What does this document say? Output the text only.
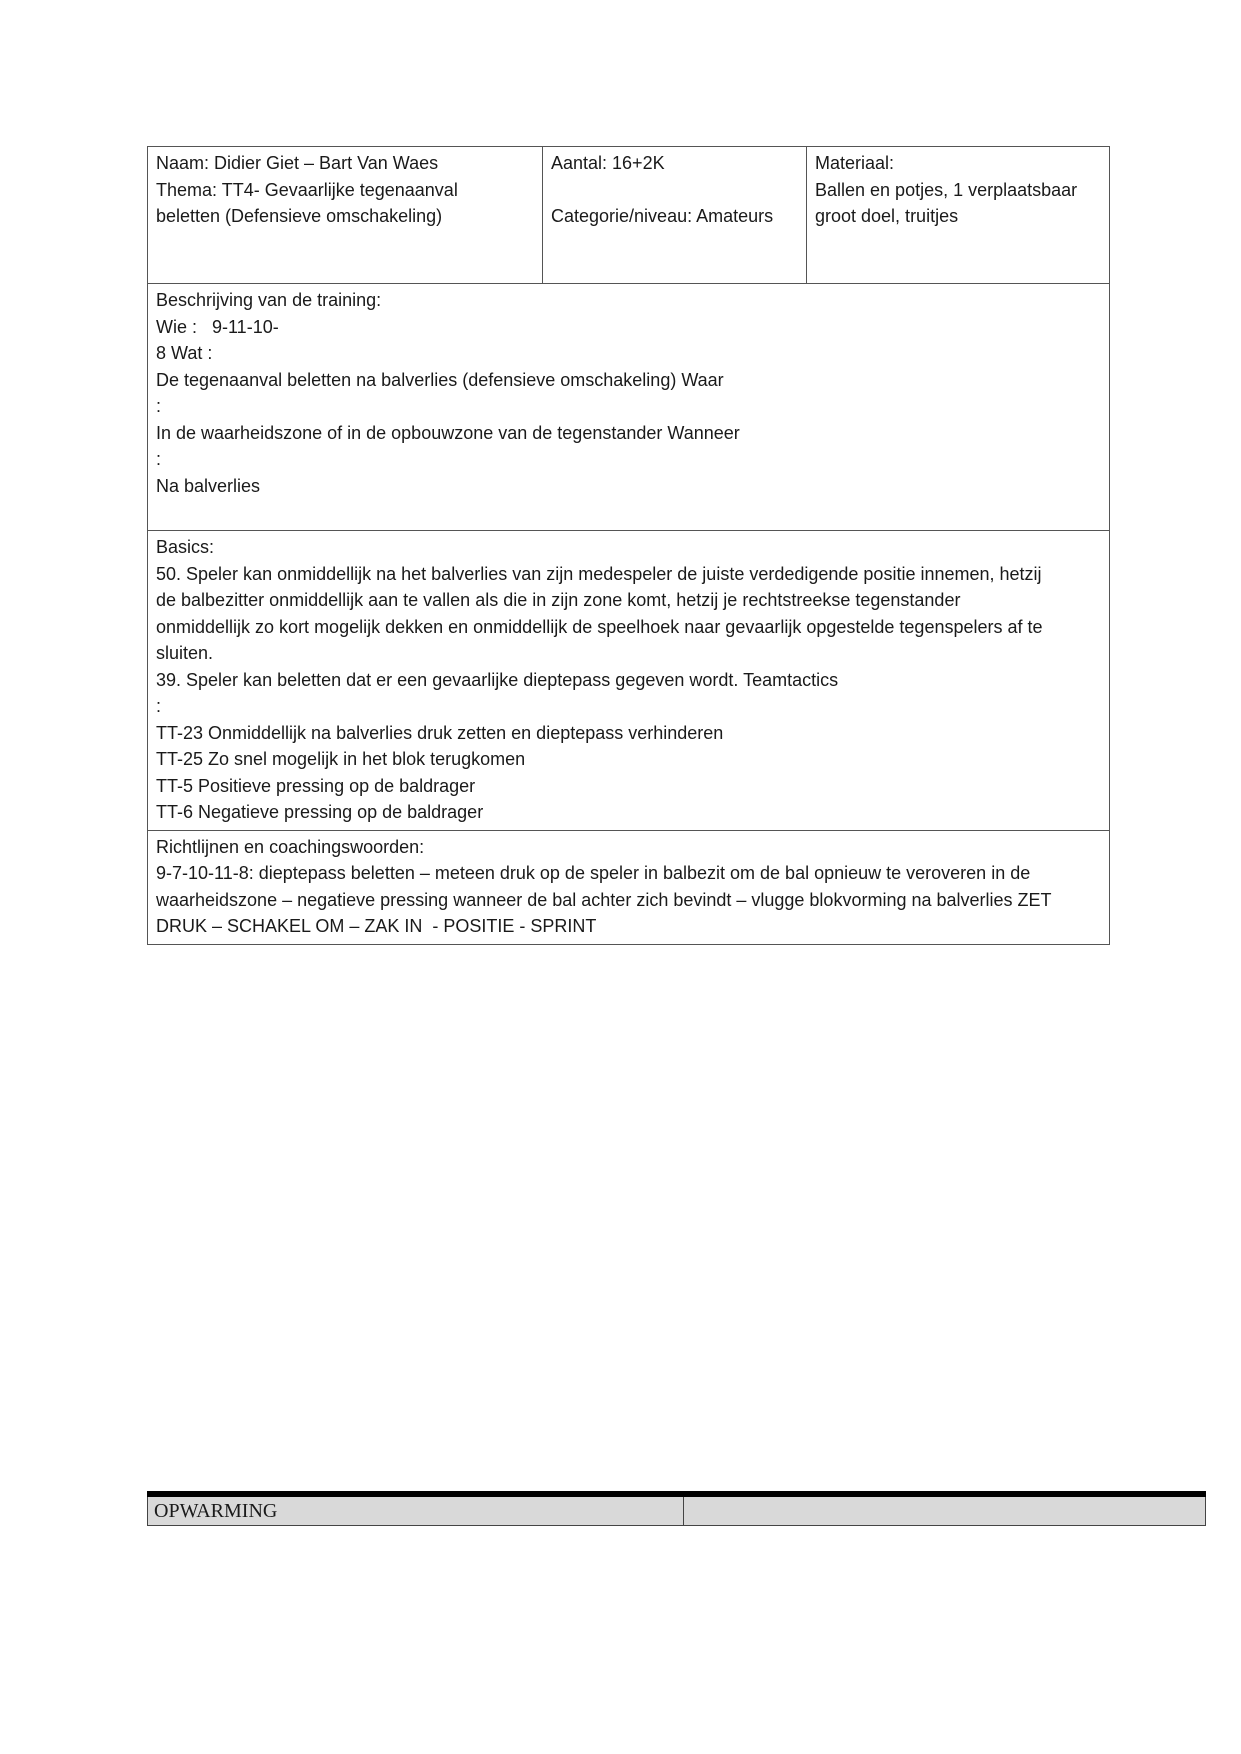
Naam: Didier Giet – Bart Van Waes
Thema: TT4- Gevaarlijke tegenaanval
beletten (Defensieve omschakeling)

Aantal: 16+2K
Categorie/niveau: Amateurs

Materiaal:
Ballen en potjes, 1 verplaatsbaar
groot doel, truitjes

Beschrijving van de training:
Wie :   9-11-10-
8 Wat :
De tegenaanval beletten na balverlies (defensieve omschakeling) Waar
:
In de waarheidszone of in de opbouwzone van de tegenstander Wanneer
:
Na balverlies

Basics:
50. Speler kan onmiddellijk na het balverlies van zijn medespeler de juiste verdedigende positie innemen, hetzij
de balbezitter onmiddellijk aan te vallen als die in zijn zone komt, hetzij je rechtstreekse tegenstander
onmiddellijk zo kort mogelijk dekken en onmiddellijk de speelhoek naar gevaarlijk opgestelde tegenspelers af te
sluiten.
39. Speler kan beletten dat er een gevaarlijke dieptepass gegeven wordt. Teamtactics
:
TT-23 Onmiddellijk na balverlies druk zetten en dieptepass verhinderen
TT-25 Zo snel mogelijk in het blok terugkomen
TT-5 Positieve pressing op de baldrager
TT-6 Negatieve pressing op de baldrager

Richtlijnen en coachingswoorden:
9-7-10-11-8: dieptepass beletten – meteen druk op de speler in balbezit om de bal opnieuw te veroveren in de
waarheidszone – negatieve pressing wanneer de bal achter zich bevindt – vlugge blokvorming na balverlies ZET
DRUK – SCHAKEL OM – ZAK IN  - POSITIE - SPRINT
OPWARMING	
